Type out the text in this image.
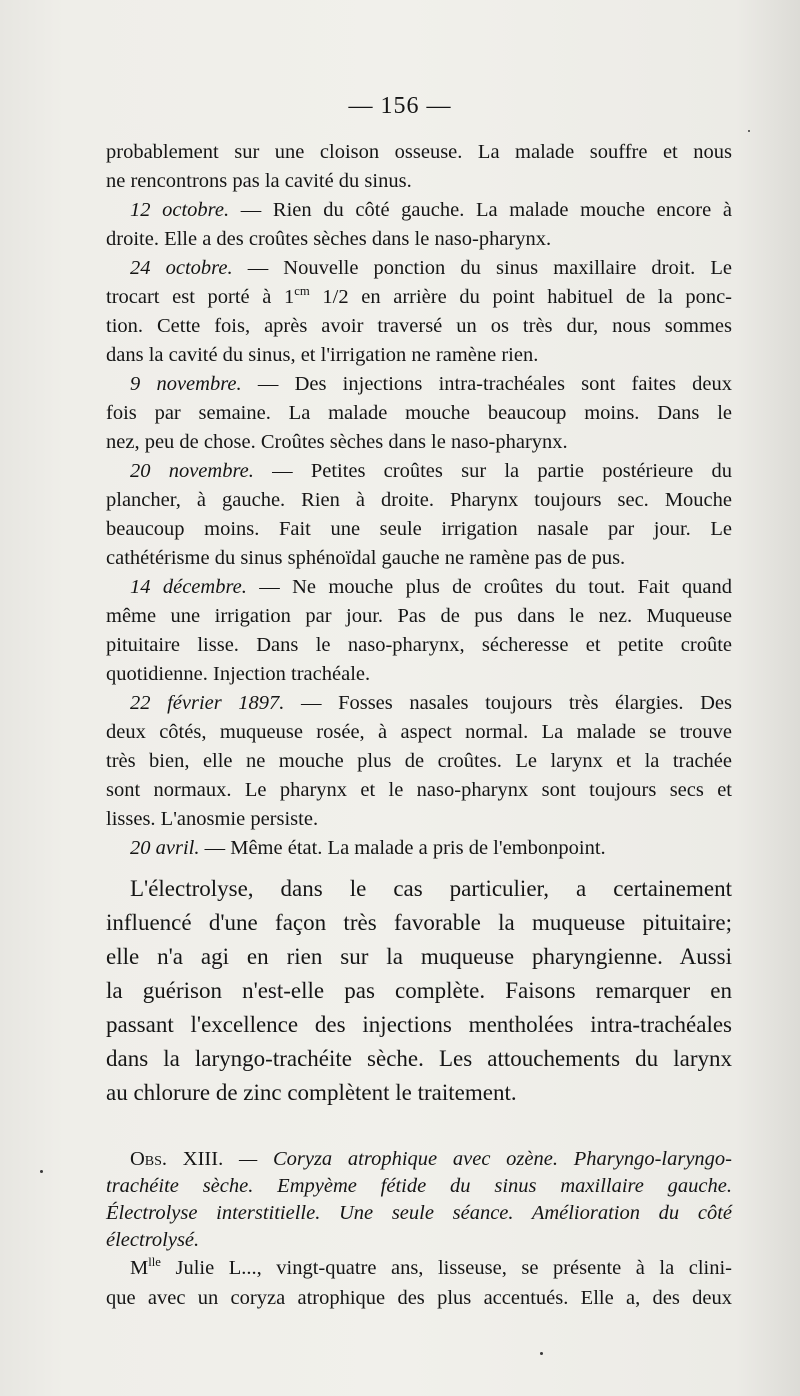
— 156 —
probablement sur une cloison osseuse. La malade souffre et nous
ne rencontrons pas la cavité du sinus.
12 octobre. — Rien du côté gauche. La malade mouche encore à
droite. Elle a des croûtes sèches dans le naso-pharynx.
24 octobre. — Nouvelle ponction du sinus maxillaire droit. Le
trocart est porté à $1^{cm}$ 1/2 en arrière du point habituel de la ponc-
tion. Cette fois, après avoir traversé un os très dur, nous sommes
dans la cavité du sinus, et l'irrigation ne ramène rien.
9 novembre. — Des injections intra-trachéales sont faites deux
fois par semaine. La malade mouche beaucoup moins. Dans le
nez, peu de chose. Croûtes sèches dans le naso-pharynx.
20 novembre. — Petites croûtes sur la partie postérieure du
plancher, à gauche. Rien à droite. Pharynx toujours sec. Mouche
beaucoup moins. Fait une seule irrigation nasale par jour. Le
cathétérisme du sinus sphénoïdal gauche ne ramène pas de pus.
14 décembre. — Ne mouche plus de croûtes du tout. Fait quand
même une irrigation par jour. Pas de pus dans le nez. Muqueuse
pituitaire lisse. Dans le naso-pharynx, sécheresse et petite croûte
quotidienne. Injection trachéale.
22 février 1897. — Fosses nasales toujours très élargies. Des
deux côtés, muqueuse rosée, à aspect normal. La malade se trouve
très bien, elle ne mouche plus de croûtes. Le larynx et la trachée
sont normaux. Le pharynx et le naso-pharynx sont toujours secs et
lisses. L'anosmie persiste.
20 avril. — Même état. La malade a pris de l'embonpoint.
L'électrolyse, dans le cas particulier, a certainement
influencé d'une façon très favorable la muqueuse pituitaire;
elle n'a agi en rien sur la muqueuse pharyngienne. Aussi
la guérison n'est-elle pas complète. Faisons remarquer en
passant l'excellence des injections mentholées intra-trachéales
dans la laryngo-trachéite sèche. Les attouchements du larynx
au chlorure de zinc complètent le traitement.
Obs. XIII. — Coryza atrophique avec ozène. Pharyngo-laryngo-
trachéite sèche. Empyème fétide du sinus maxillaire gauche.
Électrolyse interstitielle. Une seule séance. Amélioration du côté
électrolysé.
$M^{lle}$ Julie L..., vingt-quatre ans, lisseuse, se présente à la clini-
que avec un coryza atrophique des plus accentués. Elle a, des deux
